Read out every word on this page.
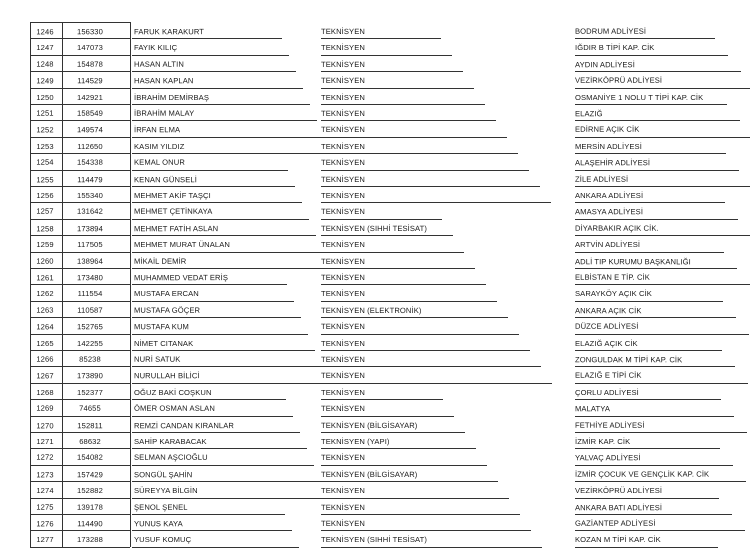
1246	156330	FARUK KARAKURT	TEKNİSYEN	BODRUM ADLİYESİ
1247	147073	FAYIK KILIÇ	TEKNİSYEN	IĞDIR B TİPİ KAP. CİK
1248	154878	HASAN ALTIN	TEKNİSYEN	AYDIN ADLİYESİ
1249	114529	HASAN KAPLAN	TEKNİSYEN	VEZİRKÖPRÜ ADLİYESİ
1250	142921	İBRAHİM DEMİRBAŞ	TEKNİSYEN	OSMANİYE 1 NOLU T TİPİ KAP. CİK
1251	158549	İBRAHİM MALAY	TEKNİSYEN	ELAZIĞ
1252	149574	İRFAN ELMA	TEKNİSYEN	EDİRNE AÇIK CİK
1253	112650	KASIM YILDIZ	TEKNİSYEN	MERSİN ADLİYESİ
1254	154338	KEMAL ONUR	TEKNİSYEN	ALAŞEHİR ADLİYESİ
1255	114479	KENAN GÜNSELİ	TEKNİSYEN	ZİLE ADLİYESİ
1256	155340	MEHMET AKİF TAŞÇI	TEKNİSYEN	ANKARA ADLİYESİ
1257	131642	MEHMET ÇETİNKAYA	TEKNİSYEN	AMASYA ADLİYESİ
1258	173894	MEHMET FATİH ASLAN	TEKNİSYEN (SIHHİ TESİSAT)	DİYARBAKIR AÇIK CİK.
1259	117505	MEHMET MURAT ÜNALAN	TEKNİSYEN	ARTVİN ADLİYESİ
1260	138964	MİKAİL DEMİR	TEKNİSYEN	ADLİ TIP KURUMU BAŞKANLIĞI
1261	173480	MUHAMMED VEDAT ERİŞ	TEKNİSYEN	ELBİSTAN E TİP. CİK
1262	111554	MUSTAFA ERCAN	TEKNİSYEN	SARAYKÖY AÇIK CİK
1263	110587	MUSTAFA GÖÇER	TEKNİSYEN (ELEKTRONİK)	ANKARA AÇIK CİK
1264	152765	MUSTAFA KUM	TEKNİSYEN	DÜZCE ADLİYESİ
1265	142255	NİMET CITANAK	TEKNİSYEN	ELAZIĞ AÇIK CİK
1266	85238	NURİ SATUK	TEKNİSYEN	ZONGULDAK M TİPİ KAP. CİK
1267	173890	NURULLAH BİLİCİ	TEKNİSYEN	ELAZIĞ E TİPİ CİK
1268	152377	OĞUZ BAKİ COŞKUN	TEKNİSYEN	ÇORLU ADLİYESİ
1269	74655	ÖMER OSMAN ASLAN	TEKNİSYEN	MALATYA
1270	152811	REMZİ CANDAN KIRANLAR	TEKNİSYEN (BİLGİSAYAR)	FETHİYE ADLİYESİ
1271	68632	SAHİP KARABACAK	TEKNİSYEN (YAPI)	İZMİR KAP. CİK
1272	154082	SELMAN AŞCIOĞLU	TEKNİSYEN	YALVAÇ ADLİYESİ
1273	157429	SONGÜL ŞAHİN	TEKNİSYEN (BİLGİSAYAR)	İZMİR ÇOCUK VE GENÇLİK KAP. CİK
1274	152882	SÜREYYA BİLGİN	TEKNİSYEN	VEZİRKÖPRÜ ADLİYESİ
1275	139178	ŞENOL ŞENEL	TEKNİSYEN	ANKARA BATI ADLİYESİ
1276	114490	YUNUS KAYA	TEKNİSYEN	GAZİANTEP ADLİYESİ
1277	173288	YUSUF KOMUÇ	TEKNİSYEN (SIHHİ TESİSAT)	KOZAN M TİPİ KAP. CİK
